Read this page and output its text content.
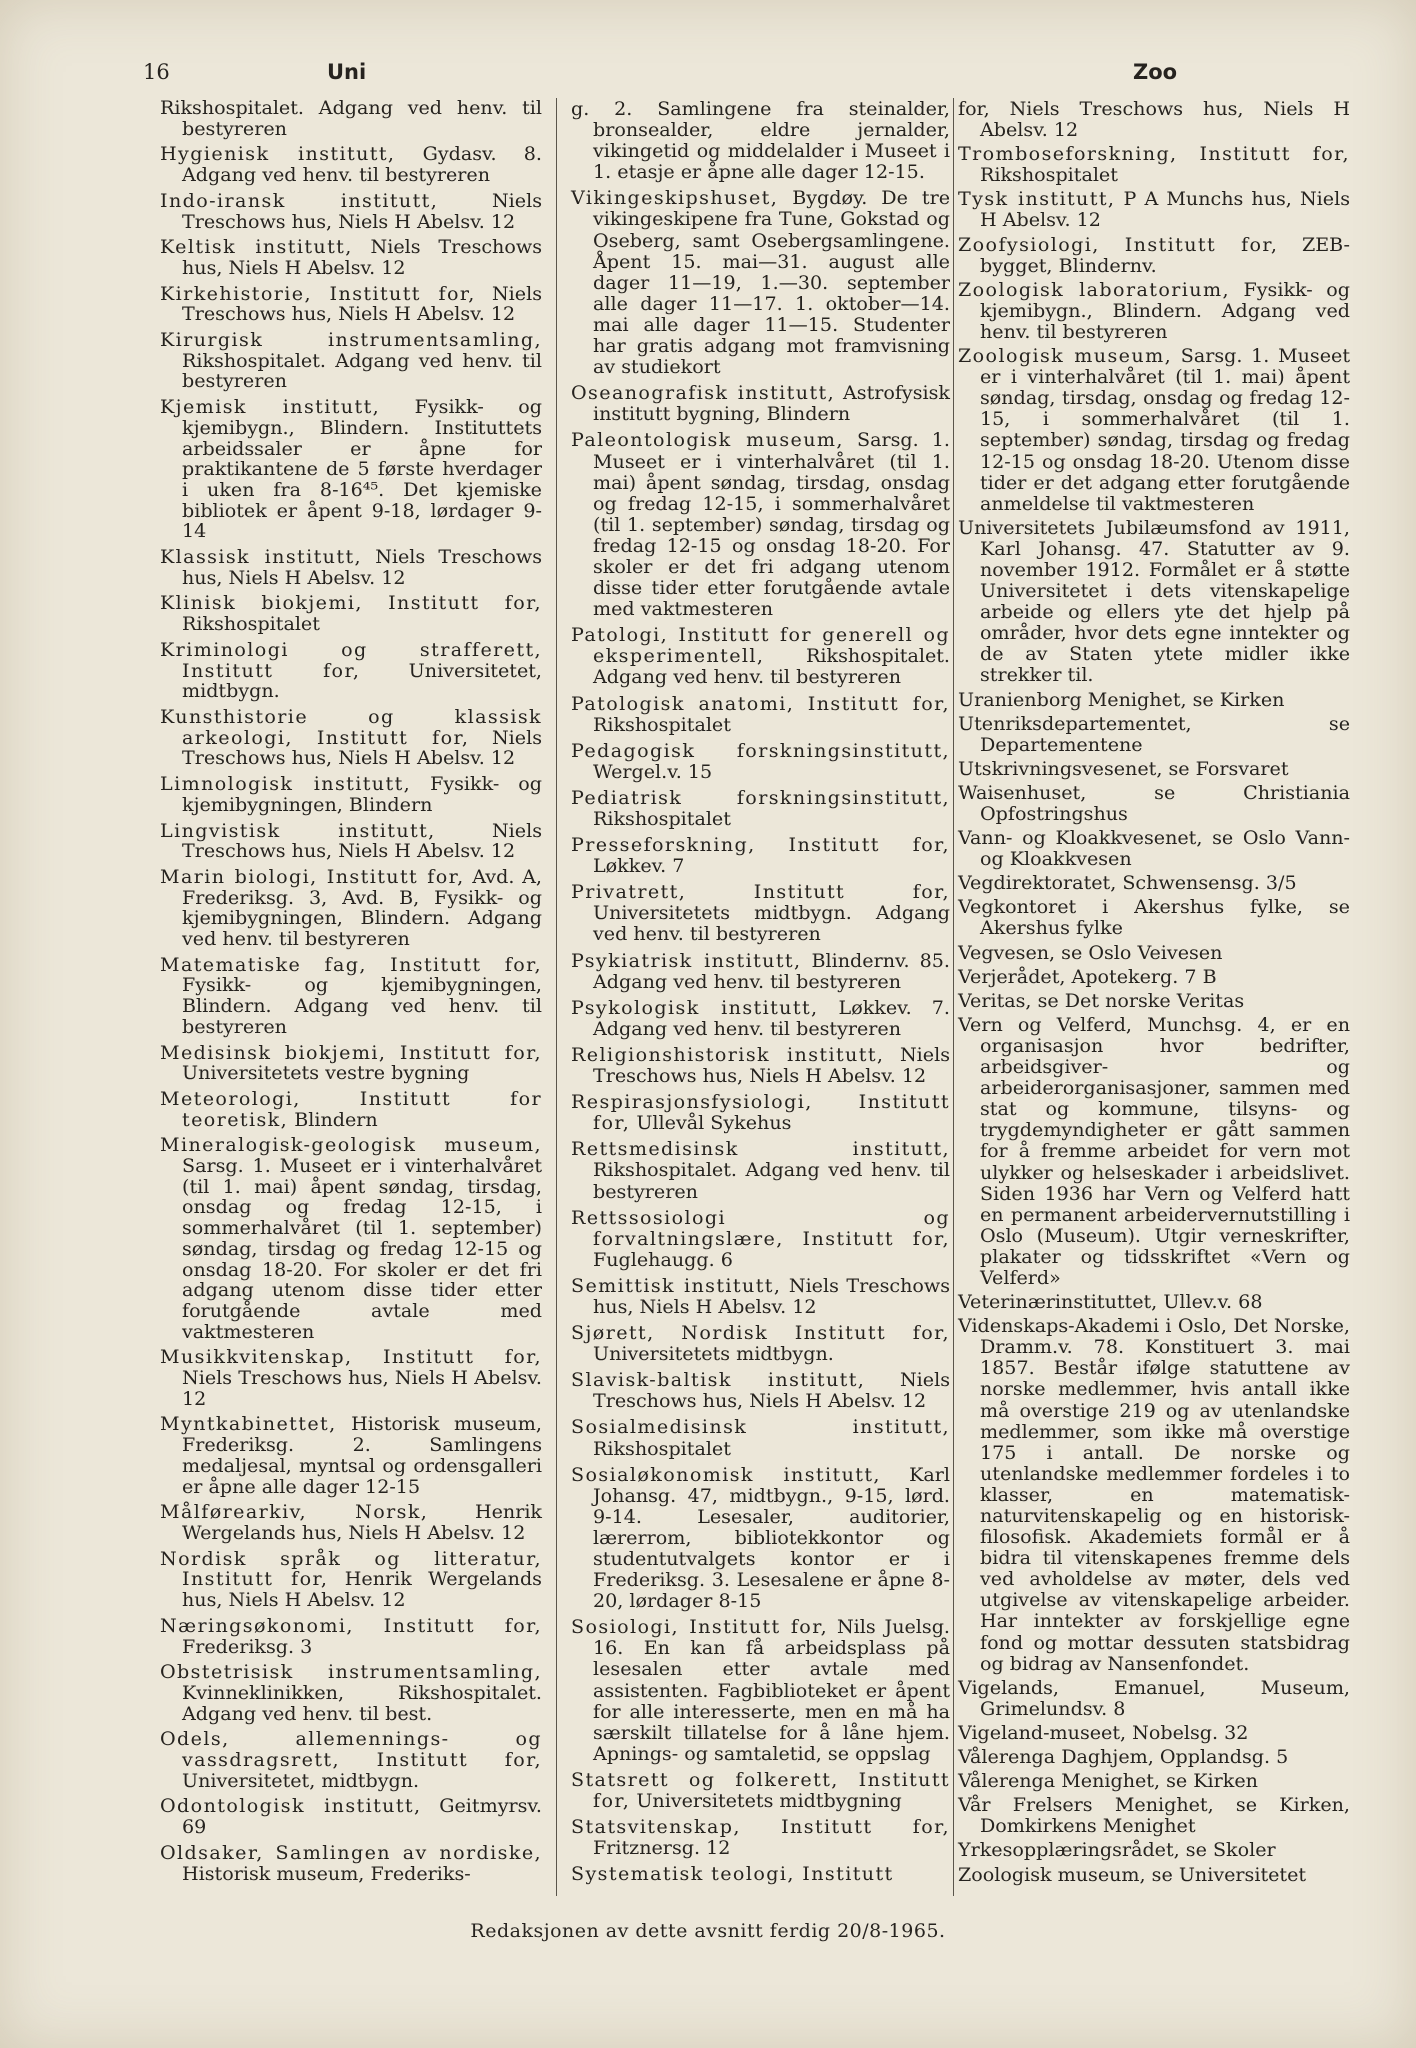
16	Uni	Zoo
Rikshospitalet. Adgang ved henv. til bestyreren
Hygienisk institutt, Gydasv. 8. Adgang ved henv. til bestyreren
Indo-iransk institutt, Niels Treschows hus, Niels H Abelsv. 12
Keltisk institutt, Niels Treschows hus, Niels H Abelsv. 12
Kirkehistorie, Institutt for, Niels Treschows hus, Niels H Abelsv. 12
Kirurgisk instrumentsamling, Rikshospitalet. Adgang ved henv. til bestyreren
Kjemisk institutt, Fysikk- og kjemibygn., Blindern. Instituttets arbeidssaler er åpne for praktikantene de 5 første hverdager i uken fra 8-16⁴⁵. Det kjemiske bibliotek er åpent 9-18, lørdager 9-14
Klassisk institutt, Niels Treschows hus, Niels H Abelsv. 12
Klinisk biokjemi, Institutt for, Rikshospitalet
Kriminologi og strafferett, Institutt for, Universitetet, midtbygn.
Kunsthistorie og klassisk arkeologi, Institutt for, Niels Treschows hus, Niels H Abelsv. 12
Limnologisk institutt, Fysikk- og kjemibygningen, Blindern
Lingvistisk institutt, Niels Treschows hus, Niels H Abelsv. 12
Marin biologi, Institutt for, Avd. A, Frederiksg. 3, Avd. B, Fysikk- og kjemibygningen, Blindern. Adgang ved henv. til bestyreren
Matematiske fag, Institutt for, Fysikk- og kjemibygningen, Blindern. Adgang ved henv. til bestyreren
Medisinsk biokjemi, Institutt for, Universitetets vestre bygning
Meteorologi, Institutt for teoretisk, Blindern
Mineralogisk-geologisk museum, Sarsg. 1. Museet er i vinterhalvåret (til 1. mai) åpent søndag, tirsdag, onsdag og fredag 12-15, i sommerhalvåret (til 1. september) søndag, tirsdag og fredag 12-15 og onsdag 18-20. For skoler er det fri adgang utenom disse tider etter forutgående avtale med vaktmesteren
Musikkvitenskap, Institutt for, Niels Treschows hus, Niels H Abelsv. 12
Myntkabinettet, Historisk museum, Frederiksg. 2. Samlingens medaljesal, myntsal og ordensgalleri er åpne alle dager 12-15
Målførearkiv, Norsk, Henrik Wergelands hus, Niels H Abelsv. 12
Nordisk språk og litteratur, Institutt for, Henrik Wergelands hus, Niels H Abelsv. 12
Næringsøkonomi, Institutt for, Frederiksg. 3
Obstetrisisk instrumentsamling, Kvinneklinikken, Rikshospitalet. Adgang ved henv. til best.
Odels, allemennings- og vassdragsrett, Institutt for, Universitetet, midtbygn.
Odontologisk institutt, Geitmyrsv. 69
Oldsaker, Samlingen av nordiske, Historisk museum, Frederiks-
g. 2. Samlingene fra steinalder, bronsealder, eldre jernalder, vikingetid og middelalder i Museet i 1. etasje er åpne alle dager 12-15.
Vikingeskipshuset, Bygdøy. De tre vikingeskipene fra Tune, Gokstad og Oseberg, samt Osebergsamlingene. Åpent 15. mai—31. august alle dager 11—19, 1.—30. september alle dager 11—17. 1. oktober—14. mai alle dager 11—15. Studenter har gratis adgang mot framvisning av studiekort
Oseanografisk institutt, Astrofysisk institutt bygning, Blindern
Paleontologisk museum, Sarsg. 1. Museet er i vinterhalvåret (til 1. mai) åpent søndag, tirsdag, onsdag og fredag 12-15, i sommerhalvåret (til 1. september) søndag, tirsdag og fredag 12-15 og onsdag 18-20. For skoler er det fri adgang utenom disse tider etter forutgående avtale med vaktmesteren
Patologi, Institutt for generell og eksperimentell, Rikshospitalet. Adgang ved henv. til bestyreren
Patologisk anatomi, Institutt for, Rikshospitalet
Pedagogisk forskningsinstitutt, Wergel.v. 15
Pediatrisk forskningsinstitutt, Rikshospitalet
Presseforskning, Institutt for, Løkkev. 7
Privatrett, Institutt for, Universitetets midtbygn. Adgang ved henv. til bestyreren
Psykiatrisk institutt, Blindernv. 85. Adgang ved henv. til bestyreren
Psykologisk institutt, Løkkev. 7. Adgang ved henv. til bestyreren
Religionshistorisk institutt, Niels Treschows hus, Niels H Abelsv. 12
Respirasjonsfysiologi, Institutt for, Ullevål Sykehus
Rettsmedisinsk institutt, Rikshospitalet. Adgang ved henv. til bestyreren
Rettssosiologi og forvaltningslære, Institutt for, Fuglehaugg. 6
Semittisk institutt, Niels Treschows hus, Niels H Abelsv. 12
Sjørett, Nordisk Institutt for, Universitetets midtbygn.
Slavisk-baltisk institutt, Niels Treschows hus, Niels H Abelsv. 12
Sosialmedisinsk institutt, Rikshospitalet
Sosialøkonomisk institutt, Karl Johansg. 47, midtbygn., 9-15, lørd. 9-14. Lesesaler, auditorier, lærerrom, bibliotekkontor og studentutvalgets kontor er i Frederiksg. 3. Lesesalene er åpne 8-20, lørdager 8-15
Sosiologi, Institutt for, Nils Juelsg. 16. En kan få arbeidsplass på lesesalen etter avtale med assistenten. Fagbiblioteket er åpent for alle interesserte, men en må ha særskilt tillatelse for å låne hjem. Apnings- og samtaletid, se oppslag
Statsrett og folkerett, Institutt for, Universitetets midtbygning
Statsvitenskap, Institutt for, Fritznersg. 12
Systematisk teologi, Institutt
for, Niels Treschows hus, Niels H Abelsv. 12
Tromboseforskning, Institutt for, Rikshospitalet
Tysk institutt, P A Munchs hus, Niels H Abelsv. 12
Zoofysiologi, Institutt for, ZEB-bygget, Blindernv.
Zoologisk laboratorium, Fysikk- og kjemibygn., Blindern. Adgang ved henv. til bestyreren
Zoologisk museum, Sarsg. 1. Museet er i vinterhalvåret (til 1. mai) åpent søndag, tirsdag, onsdag og fredag 12-15, i sommerhalvåret (til 1. september) søndag, tirsdag og fredag 12-15 og onsdag 18-20. Utenom disse tider er det adgang etter forutgående anmeldelse til vaktmesteren
Universitetets Jubilæumsfond av 1911, Karl Johansg. 47. Statutter av 9. november 1912. Formålet er å støtte Universitetet i dets vitenskapelige arbeide og ellers yte det hjelp på områder, hvor dets egne inntekter og de av Staten ytete midler ikke strekker til.
Uranienborg Menighet, se Kirken
Utenriksdepartementet, se Departementene
Utskrivningsvesenet, se Forsvaret
Waisenhuset, se Christiania Opfostringshus
Vann- og Kloakkvesenet, se Oslo Vann- og Kloakkvesen
Vegdirektoratet, Schwensensg. 3/5
Vegkontoret i Akershus fylke, se Akershus fylke
Vegvesen, se Oslo Veivesen
Verjerådet, Apotekerg. 7 B
Veritas, se Det norske Veritas
Vern og Velferd, Munchsg. 4, er en organisasjon hvor bedrifter, arbeidsgiver- og arbeiderorganisasjoner, sammen med stat og kommune, tilsyns- og trygdemyndigheter er gått sammen for å fremme arbeidet for vern mot ulykker og helseskader i arbeidslivet. Siden 1936 har Vern og Velferd hatt en permanent arbeidervernutstilling i Oslo (Museum). Utgir verneskrifter, plakater og tidsskriftet «Vern og Velferd»
Veterinærinstituttet, Ullev.v. 68
Videnskaps-Akademi i Oslo, Det Norske, Dramm.v. 78. Konstituert 3. mai 1857. Består ifølge statuttene av norske medlemmer, hvis antall ikke må overstige 219 og av utenlandske medlemmer, som ikke må overstige 175 i antall. De norske og utenlandske medlemmer fordeles i to klasser, en matematisk-naturvitenskapelig og en historisk-filosofisk. Akademiets formål er å bidra til vitenskapenes fremme dels ved avholdelse av møter, dels ved utgivelse av vitenskapelige arbeider. Har inntekter av forskjellige egne fond og mottar dessuten statsbidrag og bidrag av Nansenfondet.
Vigelands, Emanuel, Museum, Grimelundsv. 8
Vigeland-museet, Nobelsg. 32
Vålerenga Daghjem, Opplandsg. 5
Vålerenga Menighet, se Kirken
Vår Frelsers Menighet, se Kirken, Domkirkens Menighet
Yrkesopplæringsrådet, se Skoler
Zoologisk museum, se Universitetet
Redaksjonen av dette avsnitt ferdig 20/8-1965.
